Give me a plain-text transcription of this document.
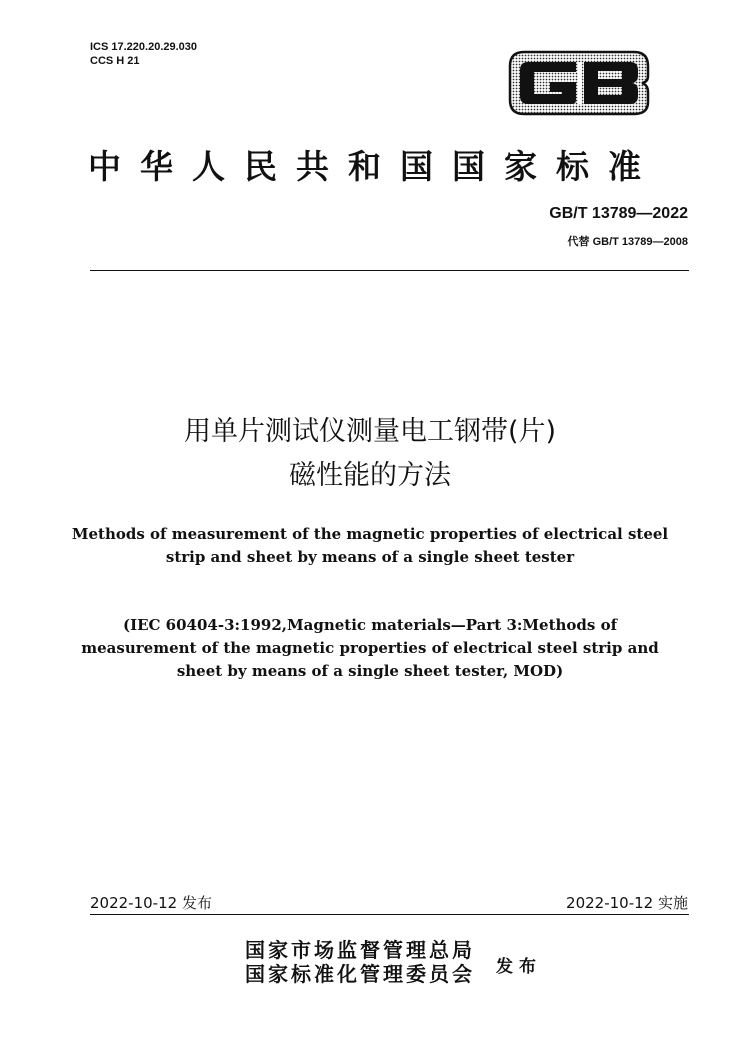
ICS 17.220.20.29.030
CCS H 21
中华人民共和国国家标准
GB/T 13789—2022
代替 GB/T 13789—2008
用单片测试仪测量电工钢带(片)
磁性能的方法
Methods of measurement of the magnetic properties of electrical steel
strip and sheet by means of a single sheet tester
(IEC 60404-3:1992,Magnetic materials—Part 3:Methods of
measurement of the magnetic properties of electrical steel strip and
sheet by means of a single sheet tester, MOD)
2022-10-12 发布	2022-10-12 实施
国家市场监督管理总局
国家标准化管理委员会 发布
